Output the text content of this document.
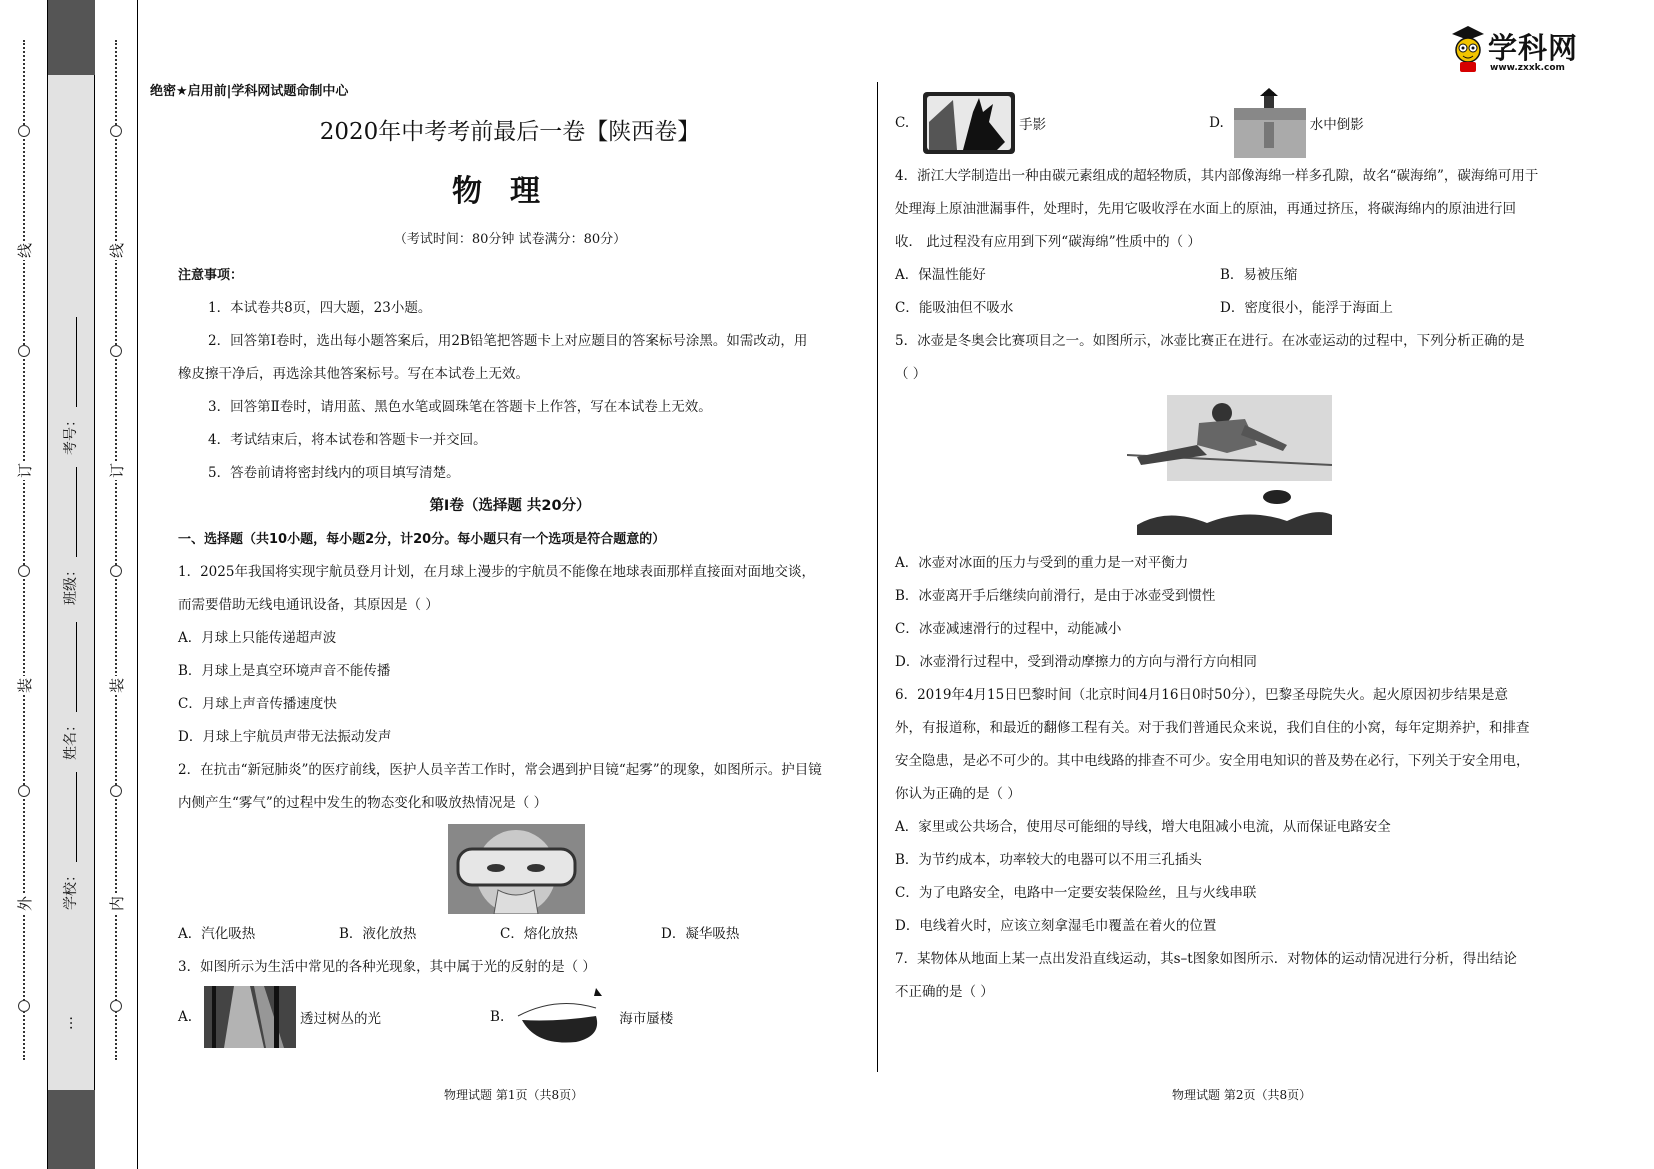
线
订
装
外
考号：
班级：
姓名：
学校：
…
线
订
装
内
学科网
www.zxxk.com
绝密★启用前|学科网试题命制中心
2020年中考考前最后一卷【陕西卷】
物理
（考试时间：80分钟 试卷满分：80分）
注意事项：
1．本试卷共8页，四大题，23小题。
2．回答第Ⅰ卷时，选出每小题答案后，用2B铅笔把答题卡上对应题目的答案标号涂黑。如需改动，用
橡皮擦干净后，再选涂其他答案标号。写在本试卷上无效。
3．回答第Ⅱ卷时，请用蓝、黑色水笔或圆珠笔在答题卡上作答，写在本试卷上无效。
4．考试结束后，将本试卷和答题卡一并交回。
5．答卷前请将密封线内的项目填写清楚。
第Ⅰ卷（选择题 共20分）
一、选择题（共10小题，每小题2分，计20分。每小题只有一个选项是符合题意的）
1．2025年我国将实现宇航员登月计划，在月球上漫步的宇航员不能像在地球表面那样直接面对面地交谈，
而需要借助无线电通讯设备，其原因是（ ）
A．月球上只能传递超声波
B．月球上是真空环境声音不能传播
C．月球上声音传播速度快
D．月球上宇航员声带无法振动发声
2．在抗击“新冠肺炎”的医疗前线，医护人员辛苦工作时，常会遇到护目镜“起雾”的现象，如图所示。护目镜
内侧产生“雾气”的过程中发生的物态变化和吸放热情况是（ ）
A．汽化吸热	B．液化放热	C．熔化放热	D．凝华吸热
3．如图所示为生活中常见的各种光现象，其中属于光的反射的是（ ）
A.	透过树丛的光	B.	海市蜃楼
C.	手影	D.	水中倒影
4．浙江大学制造出一种由碳元素组成的超轻物质，其内部像海绵一样多孔隙，故名“碳海绵”，碳海绵可用于
处理海上原油泄漏事件，处理时，先用它吸收浮在水面上的原油，再通过挤压，将碳海绵内的原油进行回
收． 此过程没有应用到下列“碳海绵”性质中的（ ）
A．保温性能好	B．易被压缩
C．能吸油但不吸水	D．密度很小，能浮于海面上
5．冰壶是冬奥会比赛项目之一。如图所示，冰壶比赛正在进行。在冰壶运动的过程中，下列分析正确的是
（ ）
A．冰壶对冰面的压力与受到的重力是一对平衡力
B．冰壶离开手后继续向前滑行，是由于冰壶受到惯性
C．冰壶减速滑行的过程中，动能减小
D．冰壶滑行过程中，受到滑动摩擦力的方向与滑行方向相同
6．2019年4月15日巴黎时间（北京时间4月16日0时50分），巴黎圣母院失火。起火原因初步结果是意
外，有报道称，和最近的翻修工程有关。对于我们普通民众来说，我们自住的小窝，每年定期养护，和排查
安全隐患，是必不可少的。其中电线路的排查不可少。安全用电知识的普及势在必行，下列关于安全用电，
你认为正确的是（ ）
A．家里或公共场合，使用尽可能细的导线，增大电阻减小电流，从而保证电路安全
B．为节约成本，功率较大的电器可以不用三孔插头
C．为了电路安全，电路中一定要安装保险丝，且与火线串联
D．电线着火时，应该立刻拿湿毛巾覆盖在着火的位置
7．某物体从地面上某一点出发沿直线运动，其s–t图象如图所示．对物体的运动情况进行分析，得出结论
不正确的是（ ）
物理试题 第1页（共8页）	物理试题 第2页（共8页）
